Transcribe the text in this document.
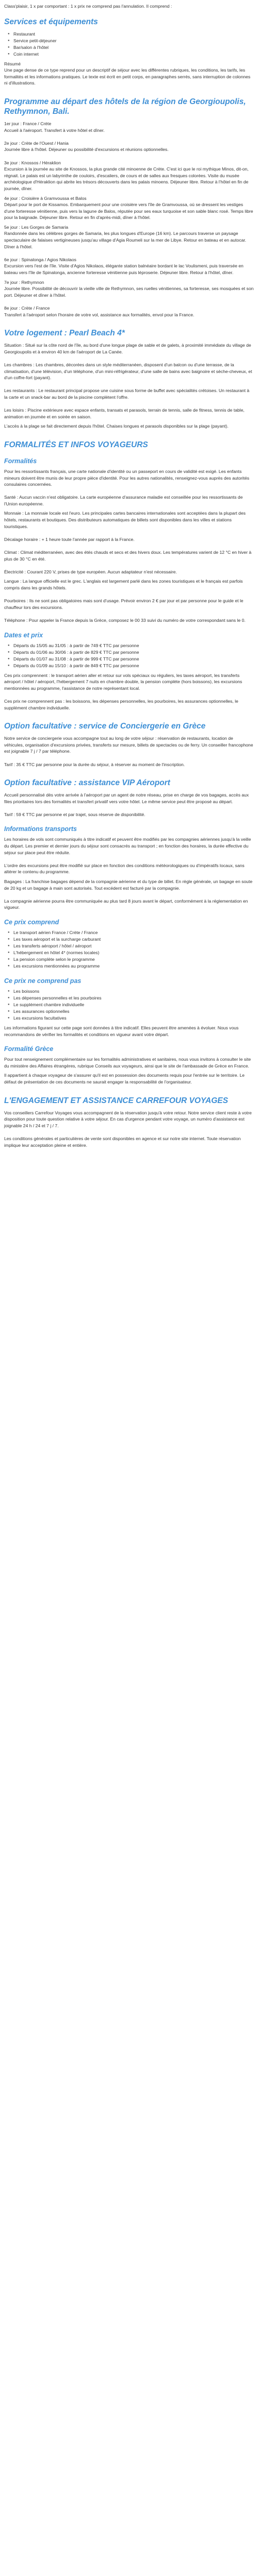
Class'plaisir, 1 x par comportant : 1 x prix ne comprend pas l'annulation. Il comprend :

Services et équipements
● Restaurant
● Service petit-déjeuner
● Bar/salon à l'hôtel
● Coin internet

Résumé
Une page dense de ce type reprend pour un descriptif de séjour avec les différentes rubriques, les conditions, les tarifs, les formalités et les informations pratiques. Le texte est écrit en petit corps, en paragraphes serrés, sans interruption de colonnes ni d'illustrations.

Programme au départ des hôtels de la région de Georgioupolis, Rethymnon, Bali.

1er jour : France / Crète
Accueil à l'aéroport. Transfert à votre hôtel et dîner.

2e jour : Crète de l'Ouest / Hania
Journée libre à l'hôtel. Déjeuner ou possibilité d'excursions et réunions optionnelles.

3e jour : Knossos / Héraklion
Excursion à la journée au site de Knossos, la plus grande cité minoenne de Crète. C'est ici que le roi mythique Minos, dit-on, régnait. Le palais est un labyrinthe de couloirs, d'escaliers, de cours et de salles aux fresques colorées. Visite du musée archéologique d'Héraklion qui abrite les trésors découverts dans les palais minoens. Déjeuner libre. Retour à l'hôtel en fin de journée, dîner.

4e jour : Croisière à Gramvoussa et Balos
Départ pour le port de Kissamos. Embarquement pour une croisière vers l'île de Gramvoussa, où se dressent les vestiges d'une forteresse vénitienne, puis vers la lagune de Balos, réputée pour ses eaux turquoise et son sable blanc rosé. Temps libre pour la baignade. Déjeuner libre. Retour en fin d'après-midi, dîner à l'hôtel.

5e jour : Les Gorges de Samaria
Randonnée dans les célèbres gorges de Samaria, les plus longues d'Europe (16 km). Le parcours traverse un paysage spectaculaire de falaises vertigineuses jusqu'au village d'Agia Roumeli sur la mer de Libye. Retour en bateau et en autocar. Dîner à l'hôtel.

6e jour : Spinalonga / Agios Nikolaos
Excursion vers l'est de l'île. Visite d'Agios Nikolaos, élégante station balnéaire bordant le lac Voulismeni, puis traversée en bateau vers l'île de Spinalonga, ancienne forteresse vénitienne puis léproserie. Déjeuner libre. Retour à l'hôtel, dîner.

7e jour : Rethymnon
Journée libre. Possibilité de découvrir la vieille ville de Rethymnon, ses ruelles vénitiennes, sa forteresse, ses mosquées et son port. Déjeuner et dîner à l'hôtel.

8e jour : Crète / France
Transfert à l'aéroport selon l'horaire de votre vol, assistance aux formalités, envol pour la France.

Votre logement : Pearl Beach 4*

Situation : Situé sur la côte nord de l'île, au bord d'une longue plage de sable et de galets, à proximité immédiate du village de Georgioupolis et à environ 40 km de l'aéroport de La Canée.

Les chambres : Les chambres, décorées dans un style méditerranéen, disposent d'un balcon ou d'une terrasse, de la climatisation, d'une télévision, d'un téléphone, d'un mini-réfrigérateur, d'une salle de bains avec baignoire et sèche-cheveux, et d'un coffre-fort (payant).

Les restaurants : Le restaurant principal propose une cuisine sous forme de buffet avec spécialités crétoises. Un restaurant à la carte et un snack-bar au bord de la piscine complètent l'offre.

Les loisirs : Piscine extérieure avec espace enfants, transats et parasols, terrain de tennis, salle de fitness, tennis de table, animation en journée et en soirée en saison.

L'accès à la plage se fait directement depuis l'hôtel. Chaises longues et parasols disponibles sur la plage (payant).

FORMALITÉS ET INFOS VOYAGEURS
Formalités

Pour les ressortissants français, une carte nationale d'identité ou un passeport en cours de validité est exigé. Les enfants mineurs doivent être munis de leur propre pièce d'identité. Pour les autres nationalités, renseignez-vous auprès des autorités consulaires concernées.

Santé : Aucun vaccin n'est obligatoire. La carte européenne d'assurance maladie est conseillée pour les ressortissants de l'Union européenne.

Monnaie : La monnaie locale est l'euro. Les principales cartes bancaires internationales sont acceptées dans la plupart des hôtels, restaurants et boutiques. Des distributeurs automatiques de billets sont disponibles dans les villes et stations touristiques.

Décalage horaire : + 1 heure toute l'année par rapport à la France.

Climat : Climat méditerranéen, avec des étés chauds et secs et des hivers doux. Les températures varient de 12 °C en hiver à plus de 30 °C en été.

Électricité : Courant 220 V, prises de type européen. Aucun adaptateur n'est nécessaire.

Langue : La langue officielle est le grec. L'anglais est largement parlé dans les zones touristiques et le français est parfois compris dans les grands hôtels.

Pourboires : Ils ne sont pas obligatoires mais sont d'usage. Prévoir environ 2 € par jour et par personne pour le guide et le chauffeur lors des excursions.

Téléphone : Pour appeler la France depuis la Grèce, composez le 00 33 suivi du numéro de votre correspondant sans le 0.

Dates et prix
● Départs du 15/05 au 31/05 : à partir de 749 € TTC par personne
● Départs du 01/06 au 30/06 : à partir de 829 € TTC par personne
● Départs du 01/07 au 31/08 : à partir de 999 € TTC par personne
● Départs du 01/09 au 15/10 : à partir de 849 € TTC par personne

Ces prix comprennent : le transport aérien aller et retour sur vols spéciaux ou réguliers, les taxes aéroport, les transferts aéroport / hôtel / aéroport, l'hébergement 7 nuits en chambre double, la pension complète (hors boissons), les excursions mentionnées au programme, l'assistance de notre représentant local.

Ces prix ne comprennent pas : les boissons, les dépenses personnelles, les pourboires, les assurances optionnelles, le supplément chambre individuelle.

Option facultative : service de Conciergerie en Grèce

Notre service de conciergerie vous accompagne tout au long de votre séjour : réservation de restaurants, location de véhicules, organisation d'excursions privées, transferts sur mesure, billets de spectacles ou de ferry. Un conseiller francophone est joignable 7 j / 7 par téléphone.

Tarif : 35 € TTC par personne pour la durée du séjour, à réserver au moment de l'inscription.

Option facultative : assistance VIP Aéroport

Accueil personnalisé dès votre arrivée à l'aéroport par un agent de notre réseau, prise en charge de vos bagages, accès aux files prioritaires lors des formalités et transfert privatif vers votre hôtel. Le même service peut être proposé au départ.

Tarif : 59 € TTC par personne et par trajet, sous réserve de disponibilité.

Informations transports

Les horaires de vols sont communiqués à titre indicatif et peuvent être modifiés par les compagnies aériennes jusqu'à la veille du départ. Les premier et dernier jours du séjour sont consacrés au transport ; en fonction des horaires, la durée effective du séjour sur place peut être réduite.

L'ordre des excursions peut être modifié sur place en fonction des conditions météorologiques ou d'impératifs locaux, sans altérer le contenu du programme.

Bagages : La franchise bagages dépend de la compagnie aérienne et du type de billet. En règle générale, un bagage en soute de 20 kg et un bagage à main sont autorisés. Tout excédent est facturé par la compagnie.

La compagnie aérienne pourra être communiquée au plus tard 8 jours avant le départ, conformément à la réglementation en vigueur.

Ce prix comprend
● Le transport aérien France / Crète / France
● Les taxes aéroport et la surcharge carburant
● Les transferts aéroport / hôtel / aéroport
● L'hébergement en hôtel 4* (normes locales)
● La pension complète selon le programme
● Les excursions mentionnées au programme
Ce prix ne comprend pas
● Les boissons
● Les dépenses personnelles et les pourboires
● Le supplément chambre individuelle
● Les assurances optionnelles
● Les excursions facultatives

Les informations figurant sur cette page sont données à titre indicatif. Elles peuvent être amenées à évoluer. Nous vous recommandons de vérifier les formalités et conditions en vigueur avant votre départ.

Formalité Grèce

Pour tout renseignement complémentaire sur les formalités administratives et sanitaires, nous vous invitons à consulter le site du ministère des Affaires étrangères, rubrique Conseils aux voyageurs, ainsi que le site de l'ambassade de Grèce en France.

Il appartient à chaque voyageur de s'assurer qu'il est en possession des documents requis pour l'entrée sur le territoire. Le défaut de présentation de ces documents ne saurait engager la responsabilité de l'organisateur.

L'ENGAGEMENT ET ASSISTANCE CARREFOUR VOYAGES

Vos conseillers Carrefour Voyages vous accompagnent de la réservation jusqu'à votre retour. Notre service client reste à votre disposition pour toute question relative à votre séjour. En cas d'urgence pendant votre voyage, un numéro d'assistance est joignable 24 h / 24 et 7 j / 7.

Les conditions générales et particulières de vente sont disponibles en agence et sur notre site internet. Toute réservation implique leur acceptation pleine et entière.
